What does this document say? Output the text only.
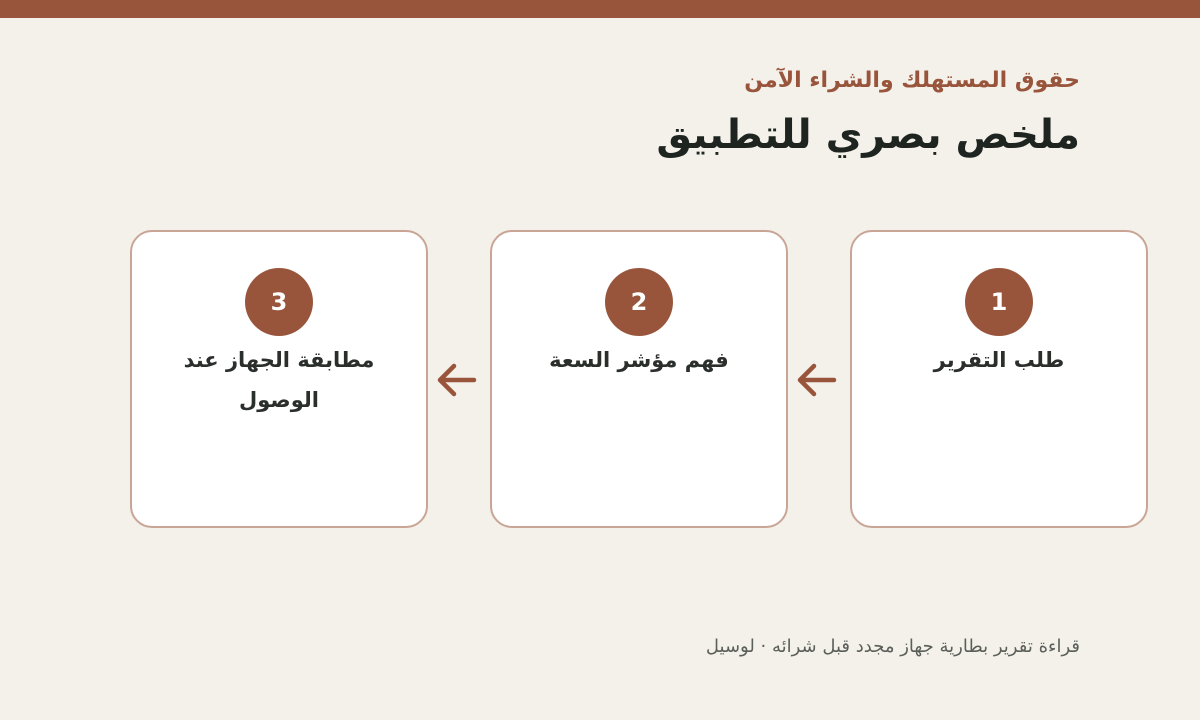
حقوق المستهلك والشراء الآمن
ملخص بصري للتطبيق
1
طلب التقرير
2
فهم مؤشر السعة
3
مطابقة الجهاز عند الوصول
قراءة تقرير بطارية جهاز مجدد قبل شرائه · لوسيل
